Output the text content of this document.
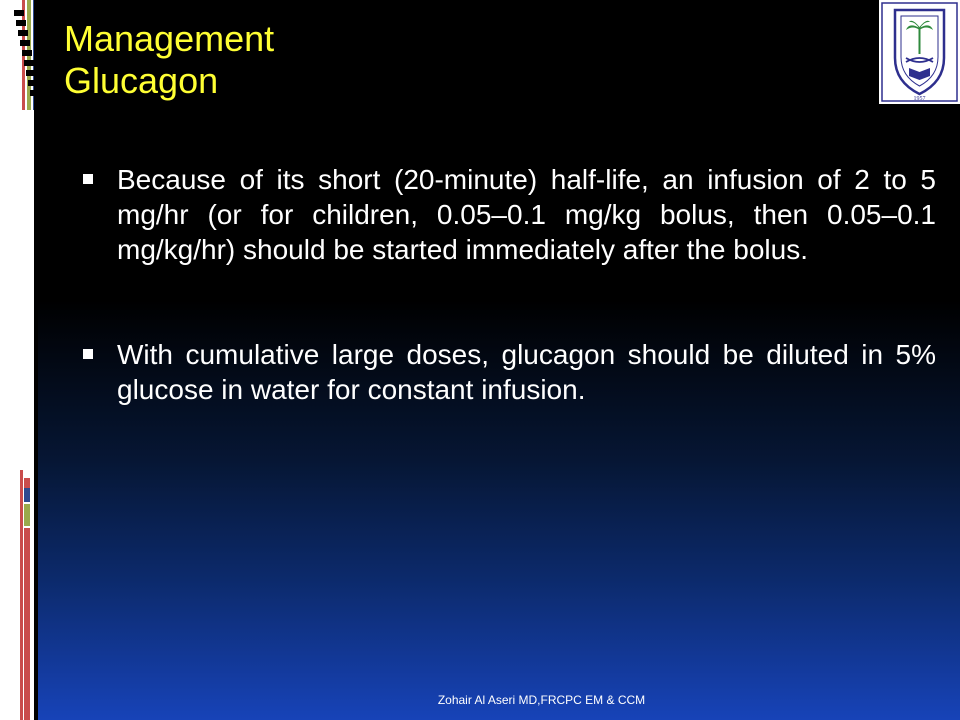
Management
Glucagon	1957

Because of its short (20-minute) half-life, an infusion of 2 to 5 mg/hr (or for children, 0.05–0.1 mg/kg bolus, then 0.05–0.1 mg/kg/hr) should be started immediately after the bolus.

With cumulative large doses, glucagon should be diluted in 5% glucose in water for constant infusion.

Zohair Al Aseri MD,FRCPC EM & CCM
